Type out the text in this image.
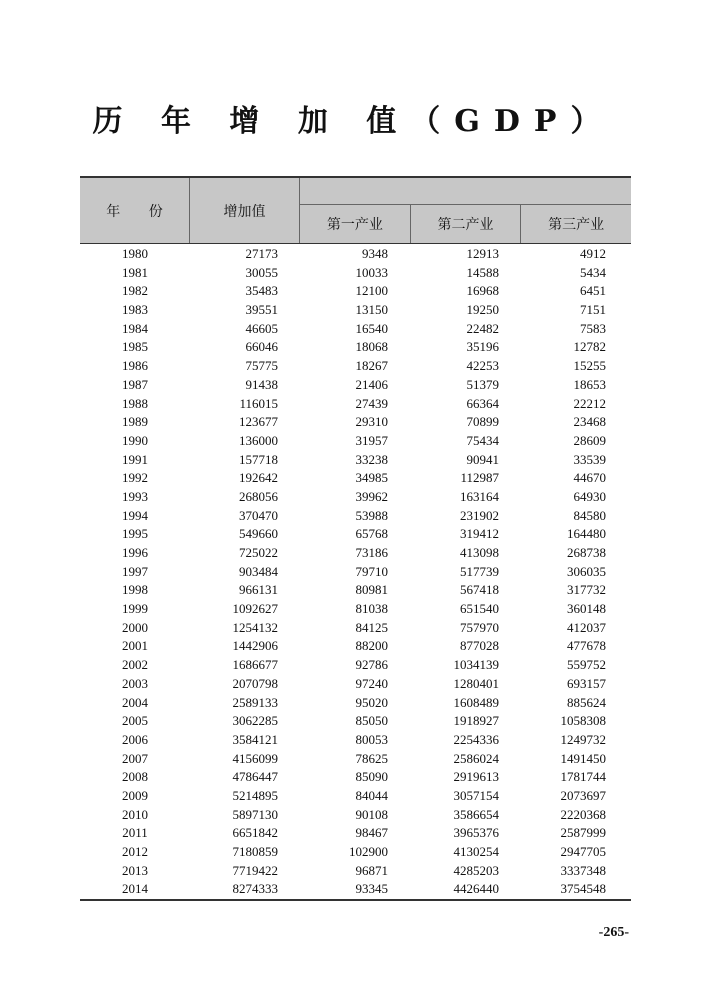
历 年 增 加 值（GDP）
年 份	增加值
第一产业	第二产业	第三产业
1980	27173	9348	12913	4912
1981	30055	10033	14588	5434
1982	35483	12100	16968	6451
1983	39551	13150	19250	7151
1984	46605	16540	22482	7583
1985	66046	18068	35196	12782
1986	75775	18267	42253	15255
1987	91438	21406	51379	18653
1988	116015	27439	66364	22212
1989	123677	29310	70899	23468
1990	136000	31957	75434	28609
1991	157718	33238	90941	33539
1992	192642	34985	112987	44670
1993	268056	39962	163164	64930
1994	370470	53988	231902	84580
1995	549660	65768	319412	164480
1996	725022	73186	413098	268738
1997	903484	79710	517739	306035
1998	966131	80981	567418	317732
1999	1092627	81038	651540	360148
2000	1254132	84125	757970	412037
2001	1442906	88200	877028	477678
2002	1686677	92786	1034139	559752
2003	2070798	97240	1280401	693157
2004	2589133	95020	1608489	885624
2005	3062285	85050	1918927	1058308
2006	3584121	80053	2254336	1249732
2007	4156099	78625	2586024	1491450
2008	4786447	85090	2919613	1781744
2009	5214895	84044	3057154	2073697
2010	5897130	90108	3586654	2220368
2011	6651842	98467	3965376	2587999
2012	7180859	102900	4130254	2947705
2013	7719422	96871	4285203	3337348
2014	8274333	93345	4426440	3754548
-265-
